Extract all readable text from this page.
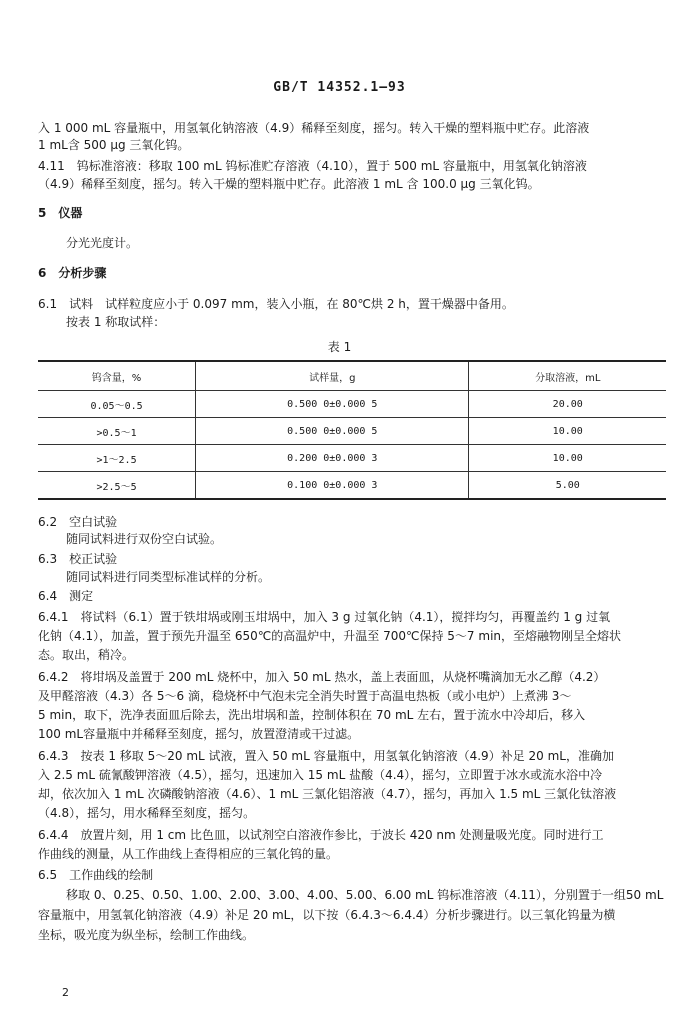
GB/T 14352.1—93
入 1 000 mL 容量瓶中，用氢氧化钠溶液（4.9）稀释至刻度，摇匀。转入干燥的塑料瓶中贮存。此溶液
1 mL含 500 μg 三氧化钨。
4.11　钨标准溶液：移取 100 mL 钨标准贮存溶液（4.10），置于 500 mL 容量瓶中，用氢氧化钠溶液
（4.9）稀释至刻度，摇匀。转入干燥的塑料瓶中贮存。此溶液 1 mL 含 100.0 μg 三氧化钨。
5　仪器
分光光度计。
6　分析步骤
6.1　试料　试样粒度应小于 0.097 mm，装入小瓶，在 80℃烘 2 h，置干燥器中备用。
按表 1 称取试样：
表 1
钨含量，%	试样量，g	分取溶液，mL
0.05～0.5	0.500 0±0.000 5	20.00
>0.5～1	0.500 0±0.000 5	10.00
>1～2.5	0.200 0±0.000 3	10.00
>2.5～5	0.100 0±0.000 3	5.00
6.2　空白试验
随同试料进行双份空白试验。
6.3　校正试验
随同试料进行同类型标准试样的分析。
6.4　测定
6.4.1　将试料（6.1）置于铁坩埚或刚玉坩埚中，加入 3 g 过氧化钠（4.1），搅拌均匀，再覆盖约 1 g 过氧
化钠（4.1），加盖，置于预先升温至 650℃的高温炉中，升温至 700℃保持 5～7 min，至熔融物刚呈全熔状
态。取出，稍冷。
6.4.2　将坩埚及盖置于 200 mL 烧杯中，加入 50 mL 热水，盖上表面皿，从烧杯嘴滴加无水乙醇（4.2）
及甲醛溶液（4.3）各 5～6 滴，稳烧杯中气泡未完全消失时置于高温电热板（或小电炉）上煮沸 3～
5 min，取下，洗净表面皿后除去，洗出坩埚和盖，控制体积在 70 mL 左右，置于流水中冷却后，移入
100 mL容量瓶中并稀释至刻度，摇匀，放置澄清或干过滤。
6.4.3　按表 1 移取 5～20 mL 试液，置入 50 mL 容量瓶中，用氢氧化钠溶液（4.9）补足 20 mL，准确加
入 2.5 mL 硫氰酸钾溶液（4.5），摇匀，迅速加入 15 mL 盐酸（4.4），摇匀，立即置于冰水或流水浴中冷
却，依次加入 1 mL 次磷酸钠溶液（4.6）、1 mL 三氯化铝溶液（4.7），摇匀，再加入 1.5 mL 三氯化钛溶液
（4.8），摇匀，用水稀释至刻度，摇匀。
6.4.4　放置片刻，用 1 cm 比色皿，以试剂空白溶液作参比，于波长 420 nm 处测量吸光度。同时进行工
作曲线的测量，从工作曲线上查得相应的三氧化钨的量。
6.5　工作曲线的绘制
移取 0、0.25、0.50、1.00、2.00、3.00、4.00、5.00、6.00 mL 钨标准溶液（4.11），分别置于一组50 mL
容量瓶中，用氢氧化钠溶液（4.9）补足 20 mL，以下按（6.4.3～6.4.4）分析步骤进行。以三氧化钨量为横
坐标，吸光度为纵坐标，绘制工作曲线。
2
